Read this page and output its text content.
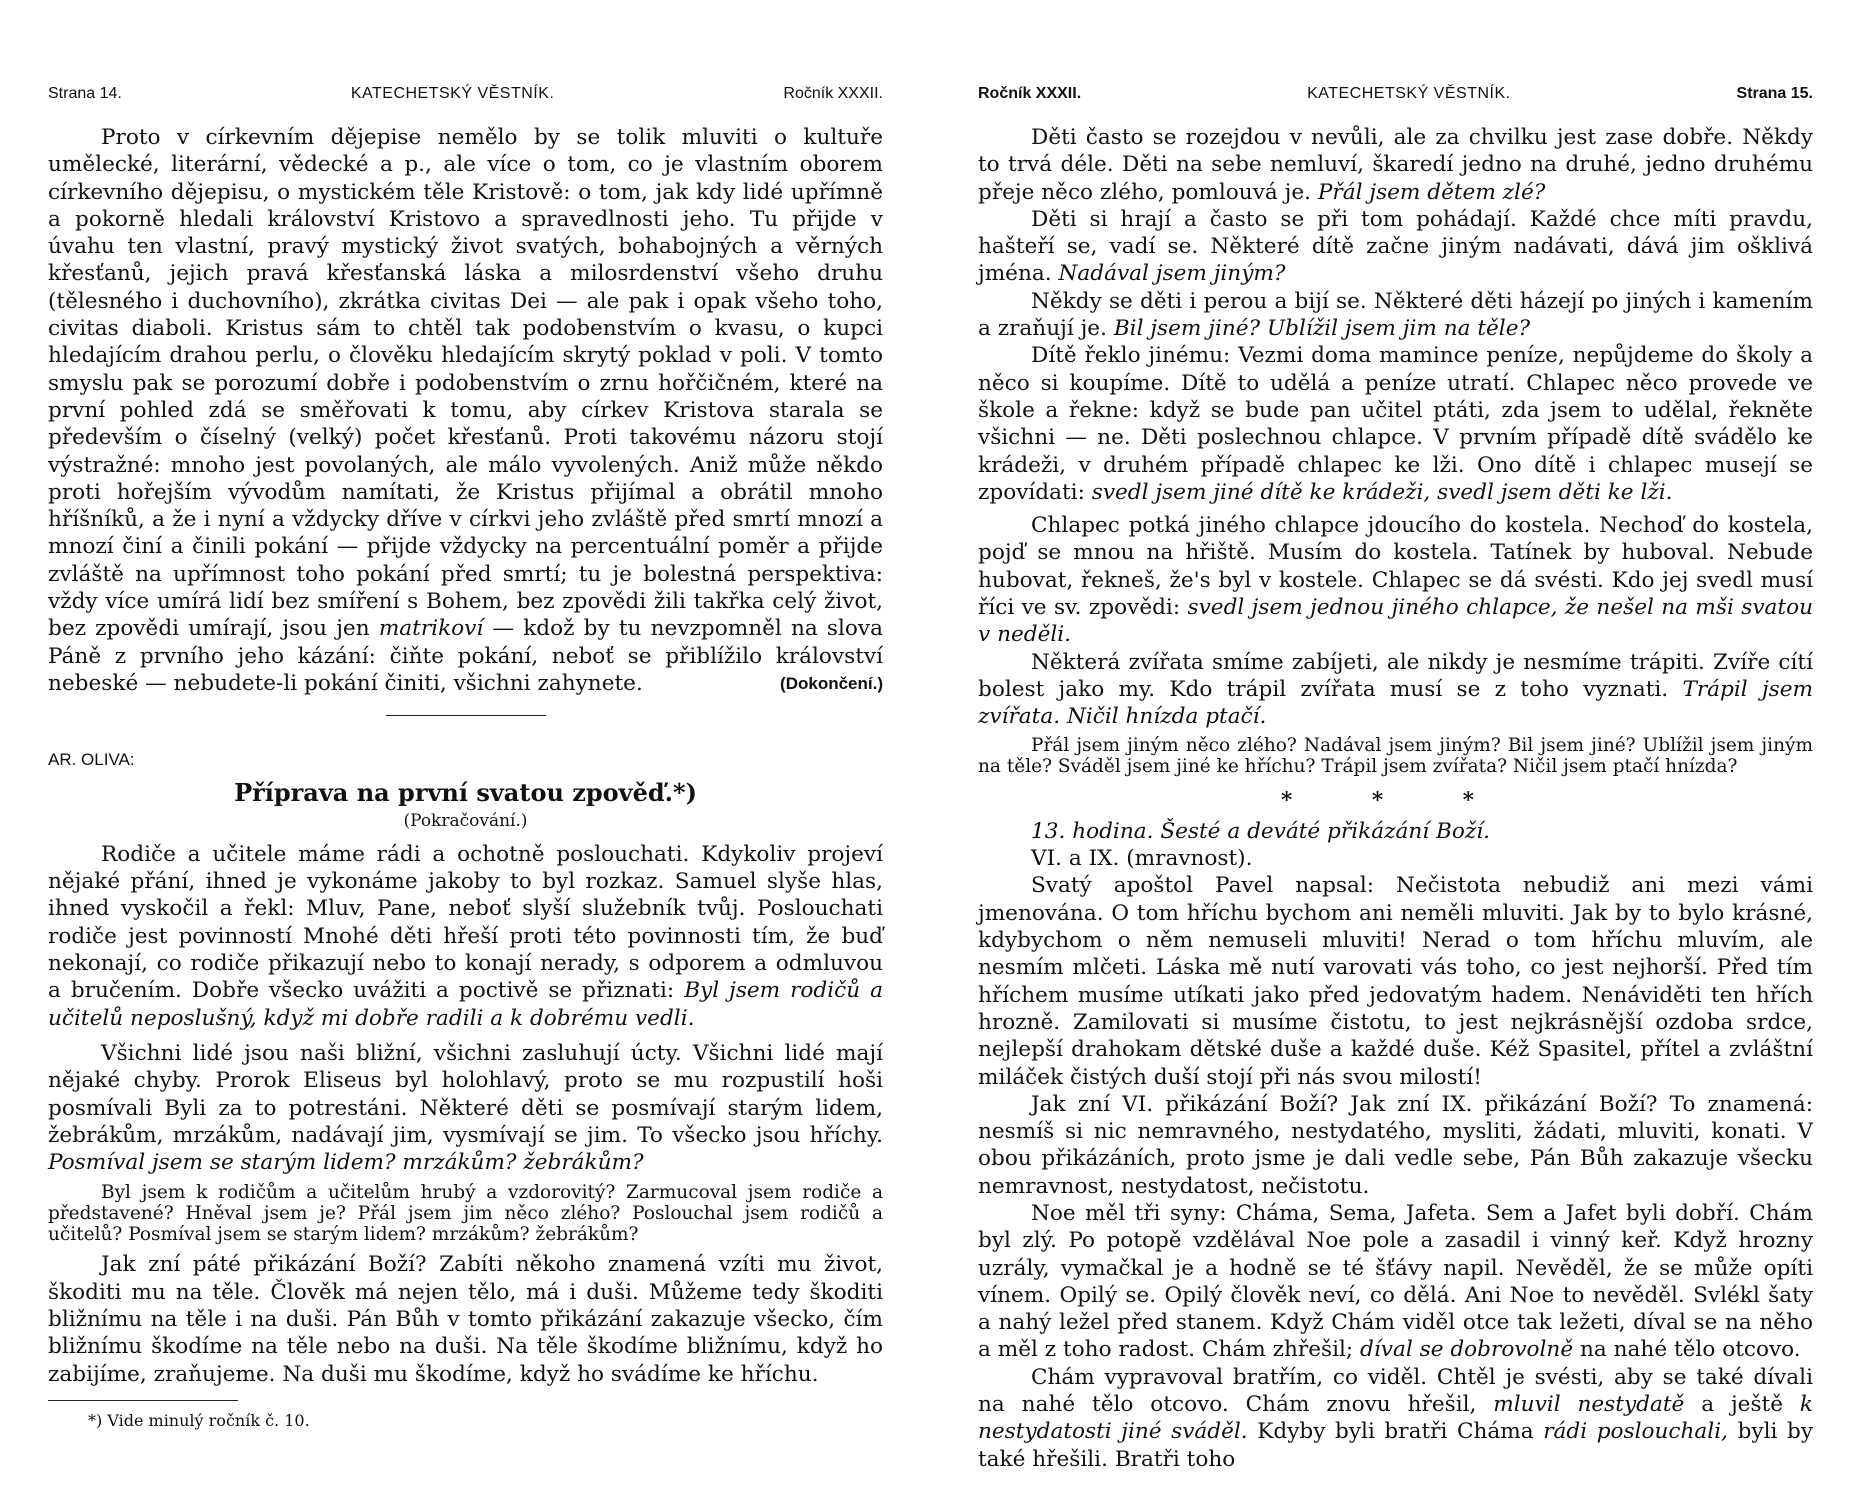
Strana 14.	KATECHETSKÝ VĚSTNÍK.	Ročník XXXII.

Proto v církevním dějepise nemělo by se tolik mluviti o kultuře umělecké, literární, vědecké a p., ale více o tom, co je vlastním oborem církevního dějepisu, o mystickém těle Kristově: o tom, jak kdy lidé upřímně a pokorně hledali království Kristovo a spravedlnosti jeho. Tu přijde v úvahu ten vlastní, pravý mystický život svatých, bohabojných a věrných křesťanů, jejich pravá křesťanská láska a milosrdenství všeho druhu (tělesného i duchovního), zkrátka civitas Dei — ale pak i opak všeho toho, civitas diaboli. Kristus sám to chtěl tak podobenstvím o kvasu, o kupci hledajícím drahou perlu, o člověku hledajícím skrytý poklad v poli. V tomto smyslu pak se porozumí dobře i podobenstvím o zrnu hořčičném, které na první pohled zdá se směřovati k tomu, aby církev Kristova starala se především o číselný (velký) počet křesťanů. Proti takovému názoru stojí výstražné: mnoho jest povolaných, ale málo vyvolených. Aniž může někdo proti hořejším vývodům namítati, že Kristus přijímal a obrátil mnoho hříšníků, a že i nyní a vždycky dříve v církvi jeho zvláště před smrtí mnozí a mnozí činí a činili pokání — přijde vždycky na percentuální poměr a přijde zvláště na upřímnost toho pokání před smrtí; tu je bolestná perspektiva: vždy více umírá lidí bez smíření s Bohem, bez zpovědi žili takřka celý život, bez zpovědi umírají, jsou jen matrikoví — kdož by tu nevzpomněl na slova Páně z prvního jeho kázání: čiňte pokání, neboť se přiblížilo království nebeské — nebudete-li pokání činiti, všichni zahynete.	(Dokončení.)

AR. OLIVA:
Příprava na první svatou zpověď.*)
(Pokračování.)

Rodiče a učitele máme rádi a ochotně poslouchati. Kdykoliv projeví nějaké přání, ihned je vykonáme jakoby to byl rozkaz. Samuel slyše hlas, ihned vyskočil a řekl: Mluv, Pane, neboť slyší služebník tvůj. Poslouchati rodiče jest povinností Mnohé děti hřeší proti této povinnosti tím, že buď nekonají, co rodiče přikazují nebo to konají nerady, s odporem a odmluvou a bručením. Dobře všecko uvážiti a poctivě se přiznati: Byl jsem rodičů a učitelů neposlušný, když mi dobře radili a k dobrému vedli.

Všichni lidé jsou naši bližní, všichni zasluhují úcty. Všichni lidé mají nějaké chyby. Prorok Eliseus byl holohlavý, proto se mu rozpustilí hoši posmívali Byli za to potrestáni. Některé děti se posmívají starým lidem, žebrákům, mrzákům, nadávají jim, vysmívají se jim. To všecko jsou hříchy. Posmíval jsem se starým lidem? mrzákům? žebrákům?

Byl jsem k rodičům a učitelům hrubý a vzdorovitý? Zarmucoval jsem rodiče a představené? Hněval jsem je? Přál jsem jim něco zlého? Poslouchal jsem rodičů a učitelů? Posmíval jsem se starým lidem? mrzákům? žebrákům?

Jak zní páté přikázání Boží? Zabíti někoho znamená vzíti mu život, škoditi mu na těle. Člověk má nejen tělo, má i duši. Můžeme tedy škoditi bližnímu na těle i na duši. Pán Bůh v tomto přikázání zakazuje všecko, čím bližnímu škodíme na těle nebo na duši. Na těle škodíme bližnímu, když ho zabijíme, zraňujeme. Na duši mu škodíme, když ho svádíme ke hříchu.

*) Vide minulý ročník č. 10.

Ročník XXXII.	KATECHETSKÝ VĚSTNÍK.	Strana 15.

Děti často se rozejdou v nevůli, ale za chvilku jest zase dobře. Někdy to trvá déle. Děti na sebe nemluví, škaredí jedno na druhé, jedno druhému přeje něco zlého, pomlouvá je. Přál jsem dětem zlé?

Děti si hrají a často se při tom pohádají. Každé chce míti pravdu, hašteří se, vadí se. Některé dítě začne jiným nadávati, dává jim ošklivá jména. Nadával jsem jiným?

Někdy se děti i perou a bijí se. Některé děti házejí po jiných i kamením a zraňují je. Bil jsem jiné? Ublížil jsem jim na těle?

Dítě řeklo jinému: Vezmi doma mamince peníze, nepůjdeme do školy a něco si koupíme. Dítě to udělá a peníze utratí. Chlapec něco provede ve škole a řekne: když se bude pan učitel ptáti, zda jsem to udělal, řekněte všichni — ne. Děti poslechnou chlapce. V prvním případě dítě svádělo ke krádeži, v druhém případě chlapec ke lži. Ono dítě i chlapec musejí se zpovídati: svedl jsem jiné dítě ke krádeži, svedl jsem děti ke lži.

Chlapec potká jiného chlapce jdoucího do kostela. Nechoď do kostela, pojď se mnou na hřiště. Musím do kostela. Tatínek by huboval. Nebude hubovat, řekneš, že's byl v kostele. Chlapec se dá svésti. Kdo jej svedl musí říci ve sv. zpovědi: svedl jsem jednou jiného chlapce, že nešel na mši svatou v neděli.

Některá zvířata smíme zabíjeti, ale nikdy je nesmíme trápiti. Zvíře cítí bolest jako my. Kdo trápil zvířata musí se z toho vyznati. Trápil jsem zvířata. Ničil hnízda ptačí.

Přál jsem jiným něco zlého? Nadával jsem jiným? Bil jsem jiné? Ublížil jsem jiným na těle? Sváděl jsem jiné ke hříchu? Trápil jsem zvířata? Ničil jsem ptačí hnízda?

* * *

13. hodina. Šesté a deváté přikázání Boží.

VI. a IX. (mravnost).

Svatý apoštol Pavel napsal: Nečistota nebudiž ani mezi vámi jmenována. O tom hříchu bychom ani neměli mluviti. Jak by to bylo krásné, kdybychom o něm nemuseli mluviti! Nerad o tom hříchu mluvím, ale nesmím mlčeti. Láska mě nutí varovati vás toho, co jest nejhorší. Před tím hříchem musíme utíkati jako před jedovatým hadem. Nenáviděti ten hřích hrozně. Zamilovati si musíme čistotu, to jest nejkrásnější ozdoba srdce, nejlepší drahokam dětské duše a každé duše. Kéž Spasitel, přítel a zvláštní miláček čistých duší stojí při nás svou milostí!

Jak zní VI. přikázání Boží? Jak zní IX. přikázání Boží? To znamená: nesmíš si nic nemravného, nestydatého, mysliti, žádati, mluviti, konati. V obou přikázáních, proto jsme je dali vedle sebe, Pán Bůh zakazuje všecku nemravnost, nestydatost, nečistotu.

Noe měl tři syny: Cháma, Sema, Jafeta. Sem a Jafet byli dobří. Chám byl zlý. Po potopě vzdělával Noe pole a zasadil i vinný keř. Když hrozny uzrály, vymačkal je a hodně se té šťávy napil. Nevěděl, že se může opíti vínem. Opilý se. Opilý člověk neví, co dělá. Ani Noe to nevěděl. Svlékl šaty a nahý ležel před stanem. Když Chám viděl otce tak ležeti, díval se na něho a měl z toho radost. Chám zhřešil; díval se dobrovolně na nahé tělo otcovo.

Chám vypravoval bratřím, co viděl. Chtěl je svésti, aby se také dívali na nahé tělo otcovo. Chám znovu hřešil, mluvil nestydatě a ještě k nestydatosti jiné sváděl. Kdyby byli bratři Cháma rádi poslouchali, byli by také hřešili. Bratři toho
